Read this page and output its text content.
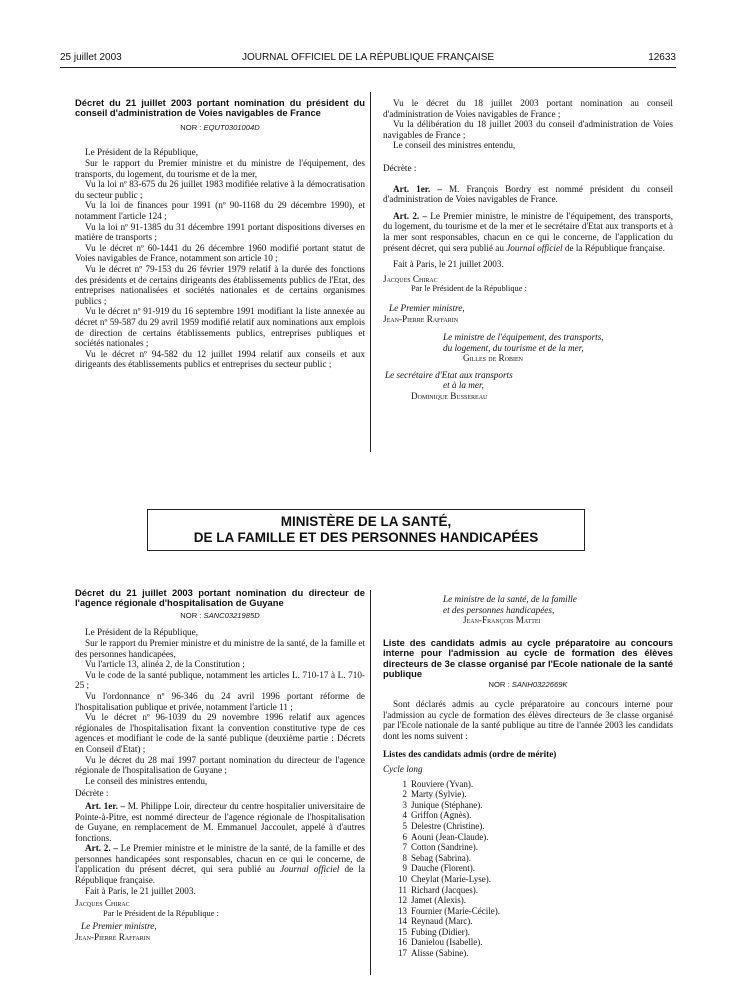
25 juillet 2003	JOURNAL OFFICIEL DE LA RÉPUBLIQUE FRANÇAISE	12633

Décret du 21 juillet 2003 portant nomination du président du conseil d'administration de Voies navigables de France

NOR : EQUT0301004D

Le Président de la République,

Sur le rapport du Premier ministre et du ministre de l'équipement, des transports, du logement, du tourisme et de la mer,

Vu la loi nº 83-675 du 26 juillet 1983 modifiée relative à la démocratisation du secteur public ;

Vu la loi de finances pour 1991 (nº 90-1168 du 29 décembre 1990), et notamment l'article 124 ;

Vu la loi nº 91-1385 du 31 décembre 1991 portant dispositions diverses en matière de transports ;

Vu le décret nº 60-1441 du 26 décembre 1960 modifié portant statut de Voies navigables de France, notamment son article 10 ;

Vu le décret nº 79-153 du 26 février 1979 relatif à la durée des fonctions des présidents et de certains dirigeants des établissements publics de l'Etat, des entreprises nationalisées et sociétés nationales et de certains organismes publics ;

Vu le décret nº 91-919 du 16 septembre 1991 modifiant la liste annexée au décret nº 59-587 du 29 avril 1959 modifié relatif aux nominations aux emplois de direction de certains établissements publics, entreprises publiques et sociétés nationales ;

Vu le décret nº 94-582 du 12 juillet 1994 relatif aux conseils et aux dirigeants des établissements publics et entreprises du secteur public ;

Vu le décret du 18 juillet 2003 portant nomination au conseil d'administration de Voies navigables de France ;

Vu la délibération du 18 juillet 2003 du conseil d'administration de Voies navigables de France ;

Le conseil des ministres entendu,

Décrète :

Art. 1er. – M. François Bordry est nommé président du conseil d'administration de Voies navigables de France.

Art. 2. – Le Premier ministre, le ministre de l'équipement, des transports, du logement, du tourisme et de la mer et le secrétaire d'Etat aux transports et à la mer sont responsables, chacun en ce qui le concerne, de l'application du présent décret, qui sera publié au Journal officiel de la République française.

Fait à Paris, le 21 juillet 2003.

Jacques Chirac

Par le Président de la République :

Le Premier ministre,

Jean-Pierre Raffarin

Le ministre de l'équipement, des transports,

du logement, du tourisme et de la mer,

Gilles de Robien

Le secrétaire d'Etat aux transports

et à la mer,

Dominique Bussereau

MINISTÈRE DE LA SANTÉ,
DE LA FAMILLE ET DES PERSONNES HANDICAPÉES

Décret du 21 juillet 2003 portant nomination du directeur de l'agence régionale d'hospitalisation de Guyane

NOR : SANC0321985D

Le Président de la République,

Sur le rapport du Premier ministre et du ministre de la santé, de la famille et des personnes handicapées,

Vu l'article 13, alinéa 2, de la Constitution ;

Vu le code de la santé publique, notamment les articles L. 710-17 à L. 710-25 ;

Vu l'ordonnance nº 96-346 du 24 avril 1996 portant réforme de l'hospitalisation publique et privée, notamment l'article 11 ;

Vu le décret nº 96-1039 du 29 novembre 1996 relatif aux agences régionales de l'hospitalisation fixant la convention constitutive type de ces agences et modifiant le code de la santé publique (deuxième partie : Décrets en Conseil d'Etat) ;

Vu le décret du 28 mai 1997 portant nomination du directeur de l'agence régionale de l'hospitalisation de Guyane ;

Le conseil des ministres entendu,

Décrète :

Art. 1er. – M. Philippe Loir, directeur du centre hospitalier universitaire de Pointe-à-Pitre, est nommé directeur de l'agence régionale de l'hospitalisation de Guyane, en remplacement de M. Emmanuel Jaccoulet, appelé à d'autres fonctions.

Art. 2. – Le Premier ministre et le ministre de la santé, de la famille et des personnes handicapées sont responsables, chacun en ce qui le concerne, de l'application du présent décret, qui sera publié au Journal officiel de la République française.

Fait à Paris, le 21 juillet 2003.

Jacques Chirac

Par le Président de la République :

Le Premier ministre,

Jean-Pierre Raffarin

Le ministre de la santé, de la famille

et des personnes handicapées,

Jean-François Mattei

Liste des candidats admis au cycle préparatoire au concours interne pour l'admission au cycle de formation des élèves directeurs de 3e classe organisé par l'Ecole nationale de la santé publique

NOR : SANH0322669K

Sont déclarés admis au cycle préparatoire au concours interne pour l'admission au cycle de formation des élèves directeurs de 3e classe organisé par l'Ecole nationale de la santé publique au titre de l'année 2003 les candidats dont les noms suivent :

Listes des candidats admis (ordre de mérite)

Cycle long

1 Rouviere (Yvan).
2 Marty (Sylvie).
3 Junique (Stéphane).
4 Griffon (Agnès).
5 Delestre (Christine).
6 Aouni (Jean-Claude).
7 Cotton (Sandrine).
8 Sebag (Sabrina).
9 Dauche (Florent).
10 Cheylat (Marie-Lyse).
11 Richard (Jacques).
12 Jamet (Alexis).
13 Fournier (Marie-Cécile).
14 Reynaud (Marc).
15 Fubing (Didier).
16 Danielou (Isabelle).
17 Alisse (Sabine).
